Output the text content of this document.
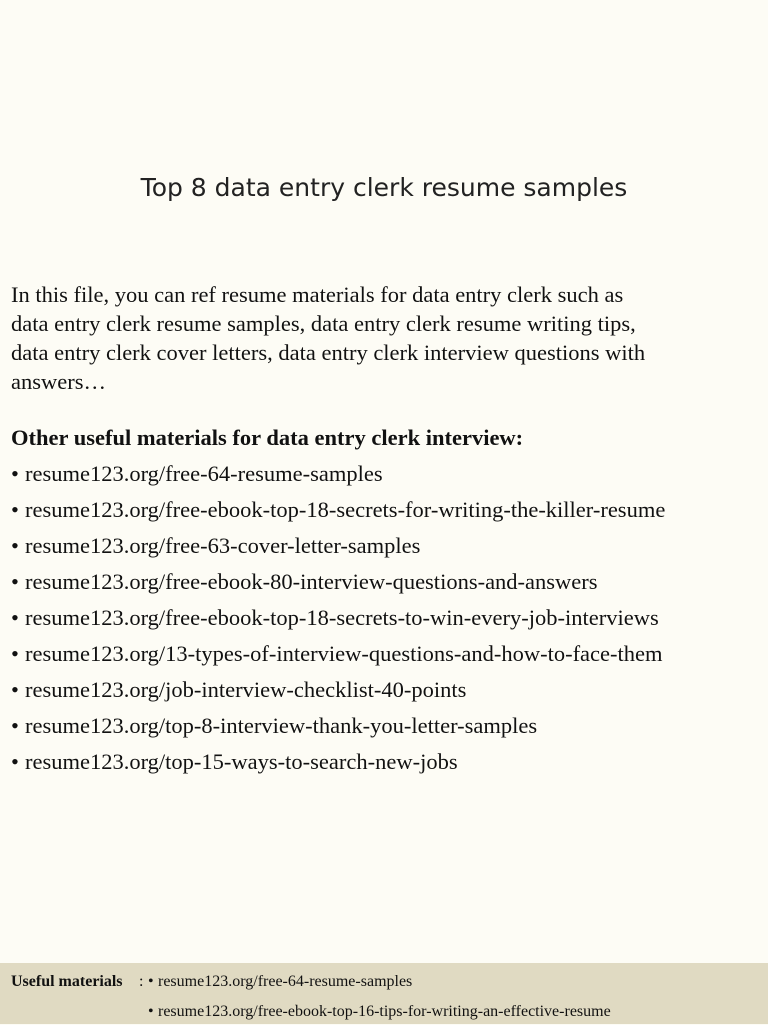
Top 8 data entry clerk resume samples

In this file, you can ref resume materials for data entry clerk such as
data entry clerk resume samples, data entry clerk resume writing tips,
data entry clerk cover letters, data entry clerk interview questions with
answers…

Other useful materials for data entry clerk interview:
• resume123.org/free-64-resume-samples
• resume123.org/free-ebook-top-18-secrets-for-writing-the-killer-resume
• resume123.org/free-63-cover-letter-samples
• resume123.org/free-ebook-80-interview-questions-and-answers
• resume123.org/free-ebook-top-18-secrets-to-win-every-job-interviews
• resume123.org/13-types-of-interview-questions-and-how-to-face-them
• resume123.org/job-interview-checklist-40-points
• resume123.org/top-8-interview-thank-you-letter-samples
• resume123.org/top-15-ways-to-search-new-jobs
Useful materials : • resume123.org/free-64-resume-samples
• resume123.org/free-ebook-top-16-tips-for-writing-an-effective-resume
